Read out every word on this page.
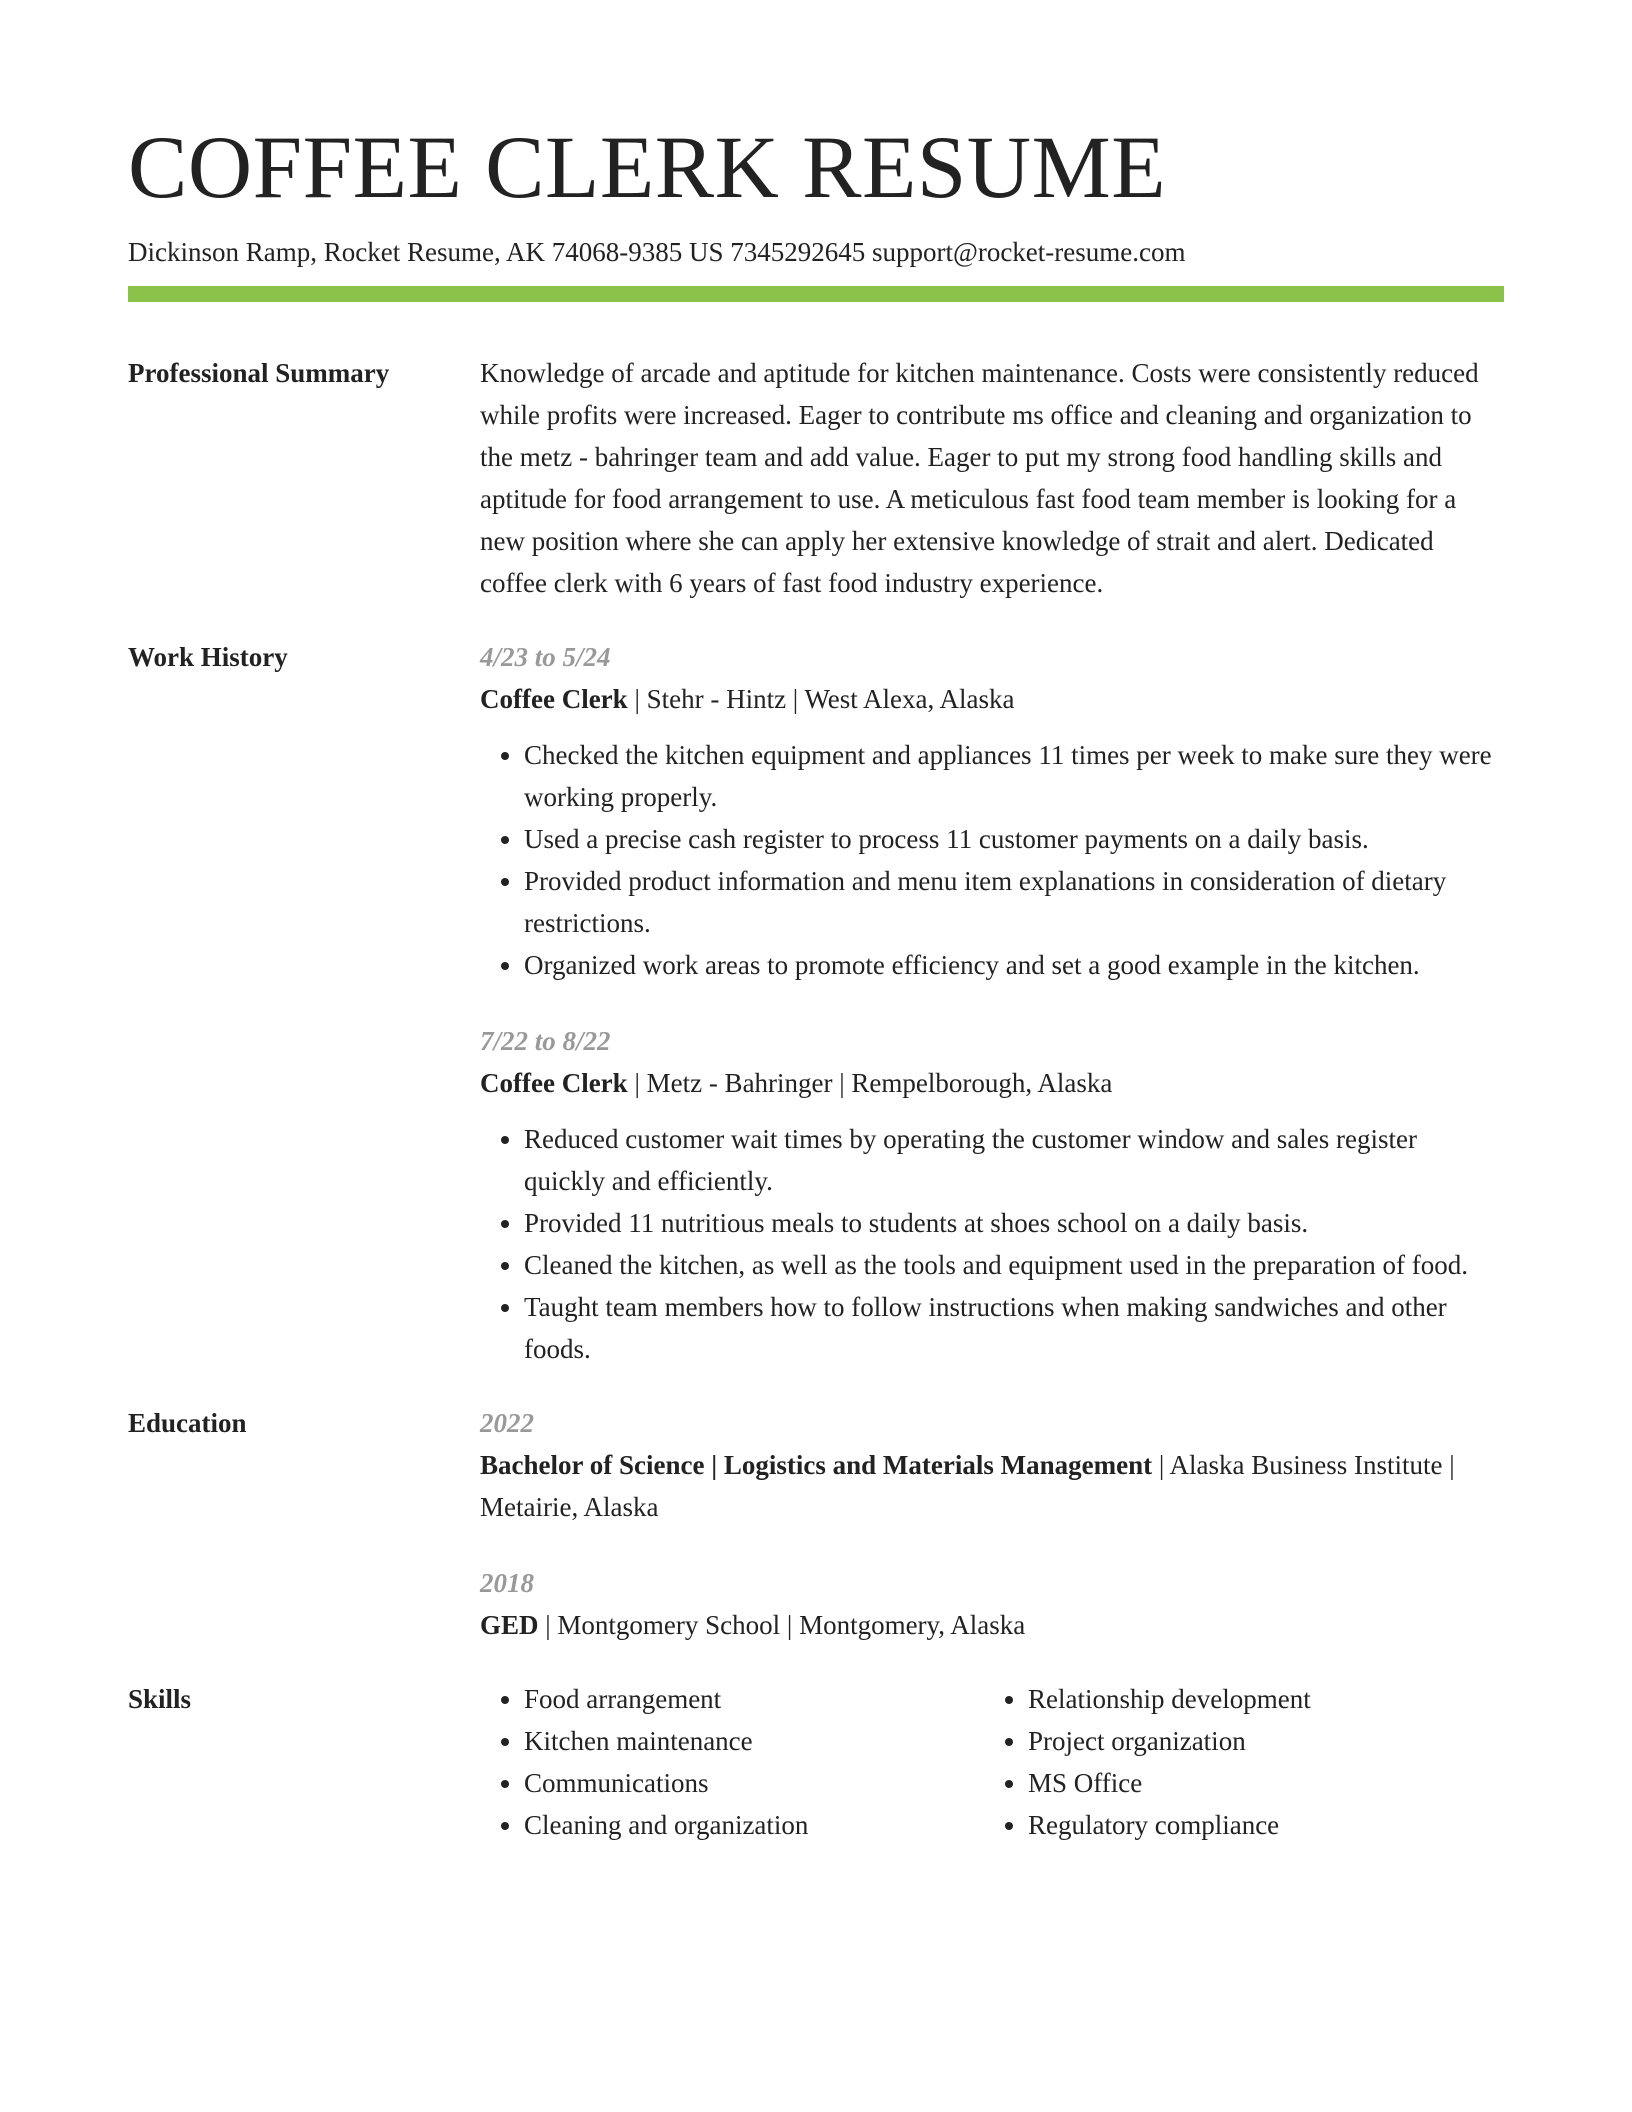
COFFEE CLERK RESUME
Dickinson Ramp, Rocket Resume, AK 74068-9385 US 7345292645 support@rocket-resume.com
Professional Summary	Knowledge of arcade and aptitude for kitchen maintenance. Costs were consistently reduced while profits were increased. Eager to contribute ms office and cleaning and organization to the metz - bahringer team and add value. Eager to put my strong food handling skills and aptitude for food arrangement to use. A meticulous fast food team member is looking for a new position where she can apply her extensive knowledge of strait and alert. Dedicated coffee clerk with 6 years of fast food industry experience.

Work History	4/23 to 5/24
Coffee Clerk | Stehr - Hintz | West Alexa, Alaska
• Checked the kitchen equipment and appliances 11 times per week to make sure they were working properly.
• Used a precise cash register to process 11 customer payments on a daily basis.
• Provided product information and menu item explanations in consideration of dietary restrictions.
• Organized work areas to promote efficiency and set a good example in the kitchen.
7/22 to 8/22
Coffee Clerk | Metz - Bahringer | Rempelborough, Alaska
• Reduced customer wait times by operating the customer window and sales register quickly and efficiently.
• Provided 11 nutritious meals to students at shoes school on a daily basis.
• Cleaned the kitchen, as well as the tools and equipment used in the preparation of food.
• Taught team members how to follow instructions when making sandwiches and other foods.
Education	2022
Bachelor of Science | Logistics and Materials Management | Alaska Business Institute | Metairie, Alaska
2018
GED | Montgomery School | Montgomery, Alaska
Skills
•	Food arrangement
• Kitchen maintenance
• Communications
• Cleaning and organization
• Relationship development
• Project organization
• MS Office
• Regulatory compliance
